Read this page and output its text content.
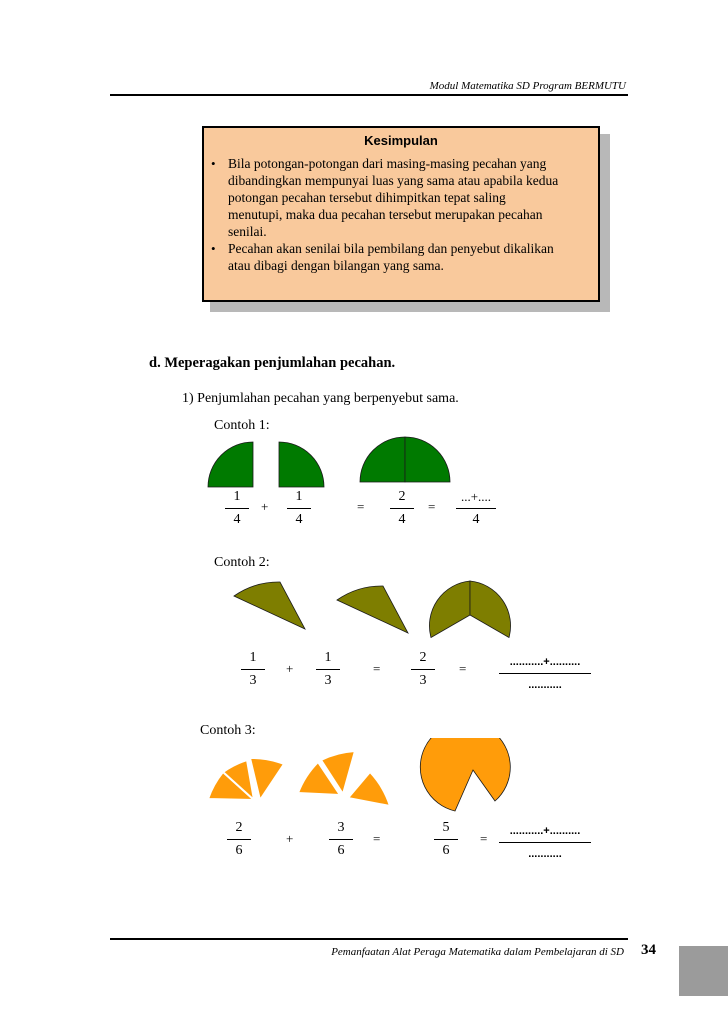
Modul Matematika SD Program BERMUTU
Kesimpulan
• Bila potongan-potongan dari masing-masing pecahan yang
dibandingkan mempunyai luas yang sama atau apabila kedua
potongan pecahan tersebut dihimpitkan tepat saling
menutupi, maka dua pecahan tersebut merupakan pecahan
senilai.
• Pecahan akan senilai bila pembilang dan penyebut dikalikan
atau dibagi dengan bilangan yang sama.
d. Meperagakan penjumlahan pecahan.
1) Penjumlahan pecahan yang berpenyebut sama.
Contoh 1:
1
4
+
1
4
=
2
4
=
...+....
4
Contoh 2:
1
3
+
1
3
=
2
3
=	...........+..........
...........
Contoh 3:
2
6
+
3
6
=
5
6
=	...........+..........
...........
Pemanfaatan Alat Peraga Matematika dalam Pembelajaran di SD 34
